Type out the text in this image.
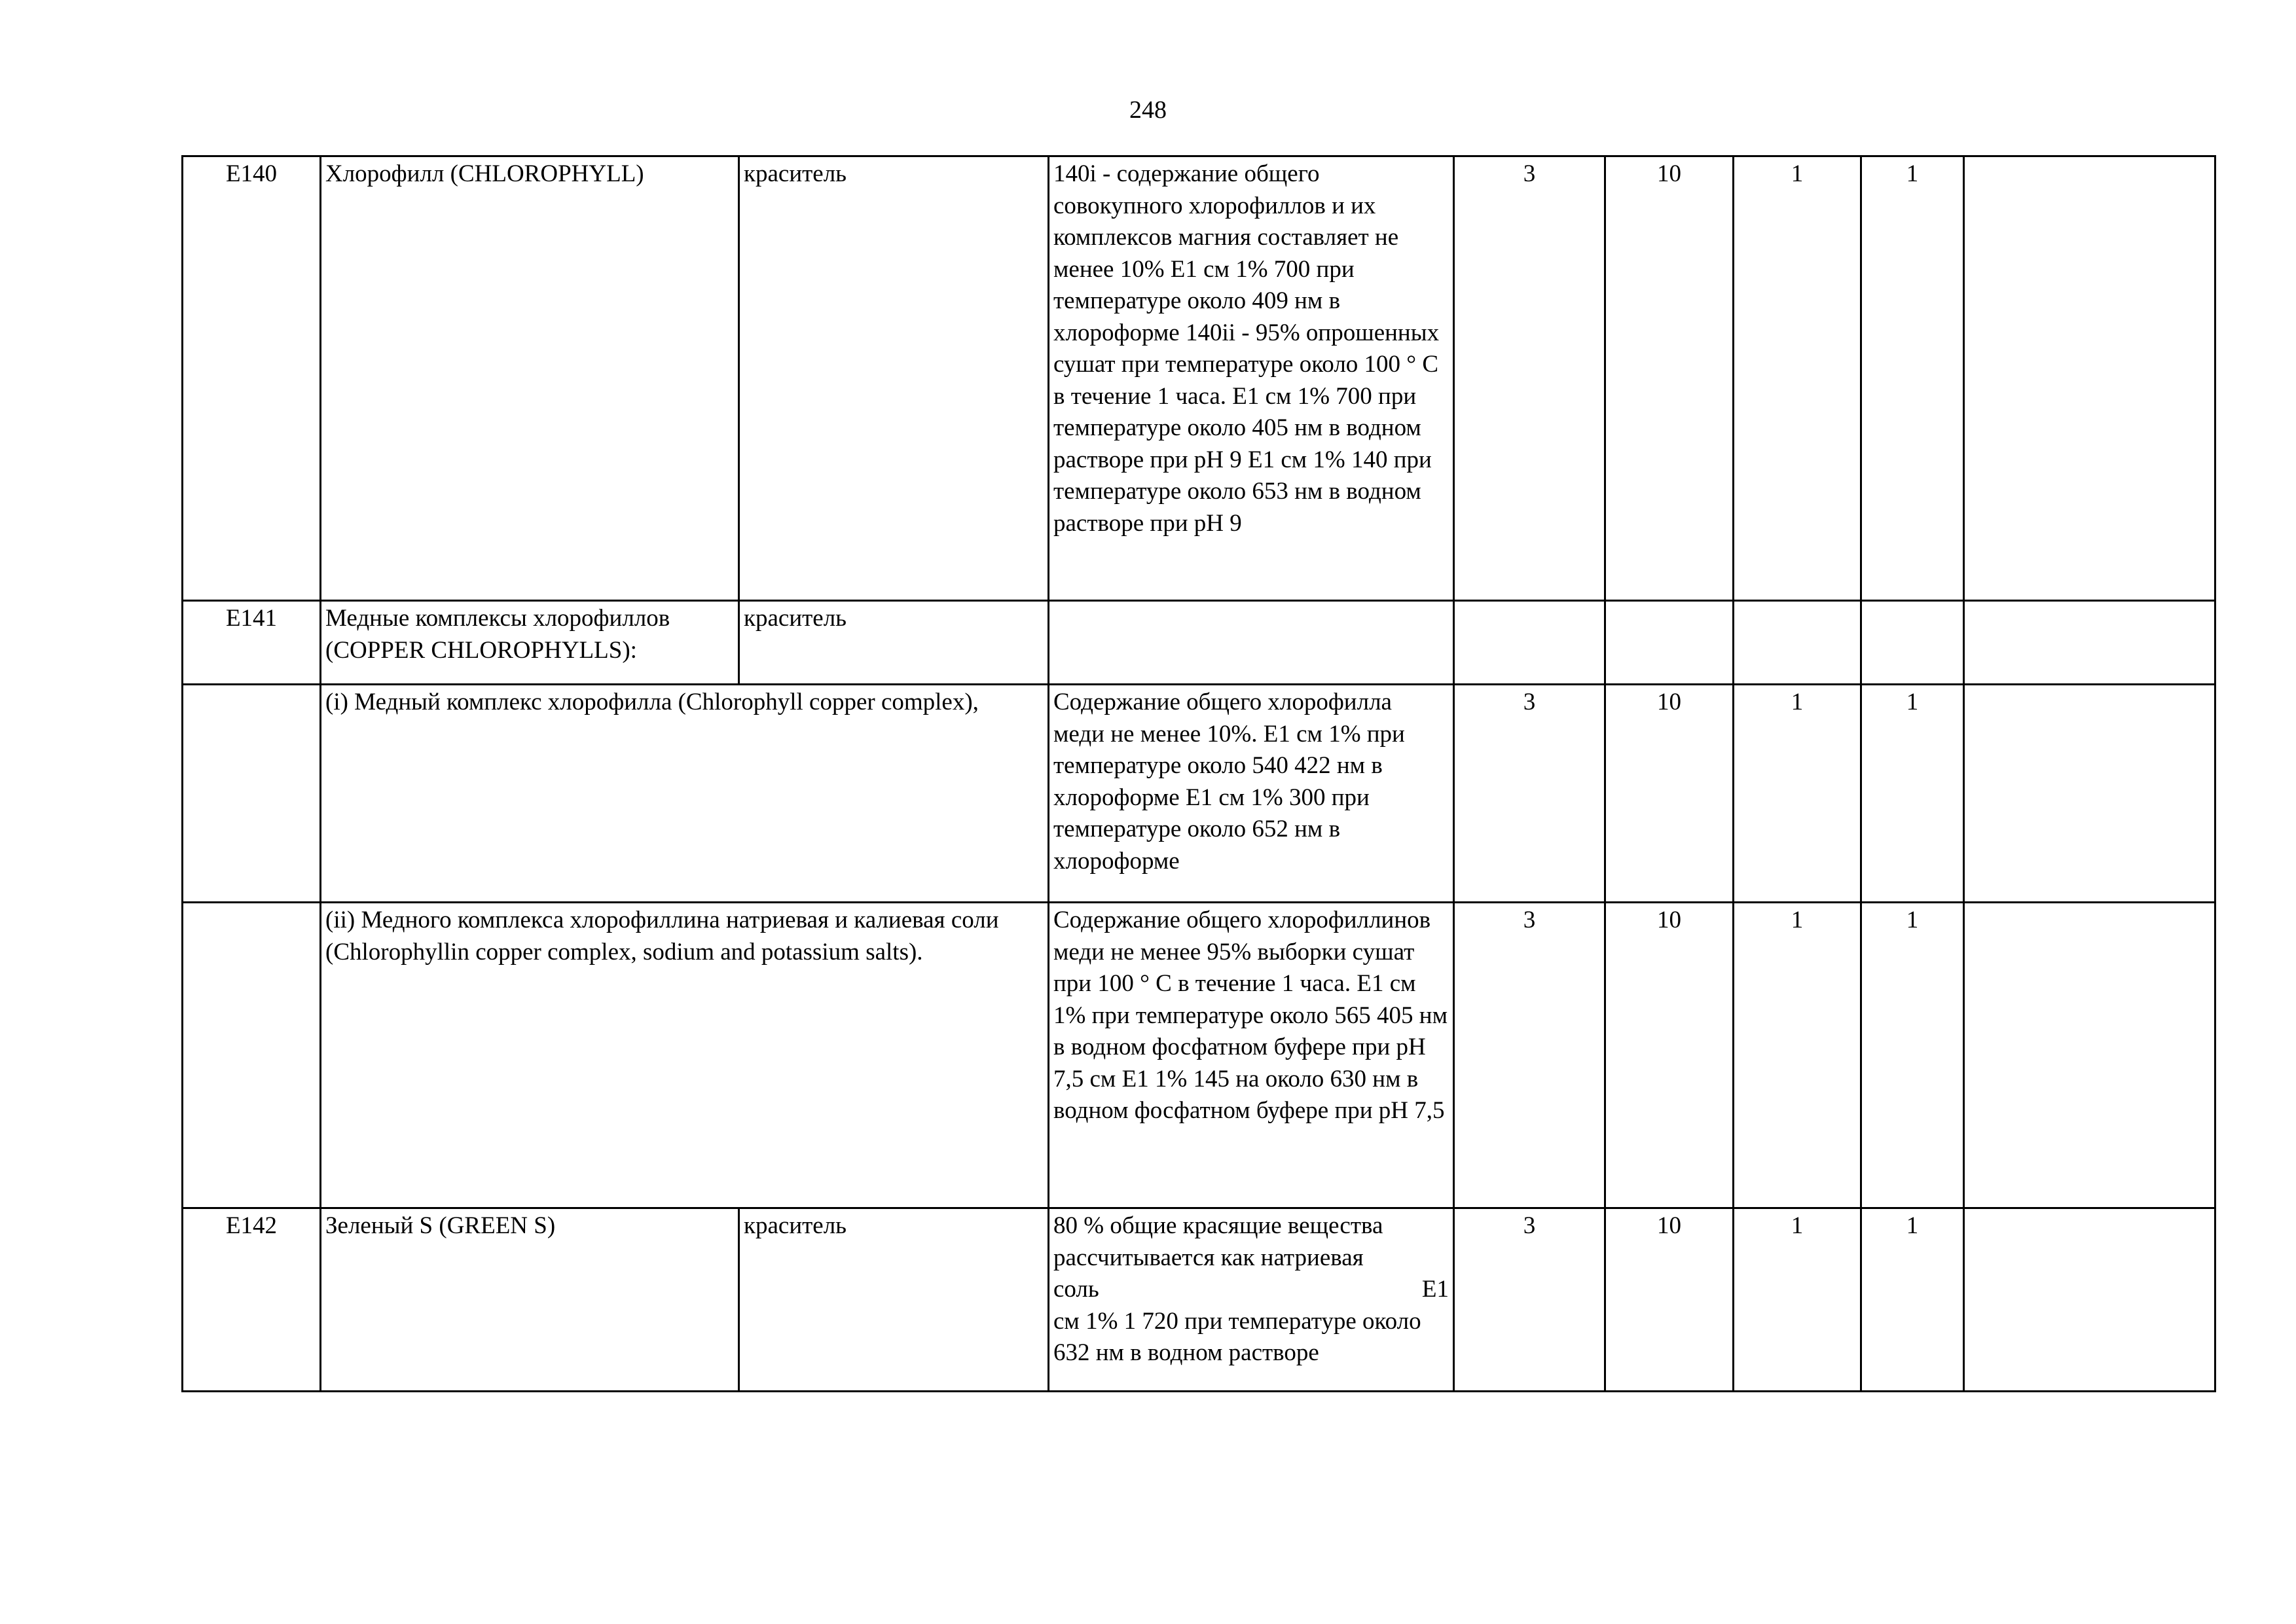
248
E140	Хлорофилл (CHLOROPHYLL)	краситель	140i - содержание общего совокупного хлорофиллов и их комплексов магния составляет не менее 10% E1 см 1% 700 при температуре около 409 нм в хлороформе 140ii - 95% опрошенных сушат при температуре около 100 ° C в течение 1 часа. E1 см 1% 700 при температуре около 405 нм в водном растворе при pH 9 E1 см 1% 140 при температуре около 653 нм в водном растворе при pH 9	3	10	1	1	
E141	Медные комплексы хлорофиллов (COPPER CHLOROPHYLLS):	краситель						
	(i) Медный комплекс хлорофилла (Chlorophyll copper complex),		Содержание общего хлорофилла меди не менее 10%. E1 см 1% при температуре около 540 422 нм в хлороформе E1 см 1% 300 при температуре около 652 нм в хлороформе	3	10	1	1	
	(ii) Медного комплекса хлорофиллина натриевая и калиевая соли (Chlorophyllin copper complex, sodium and potassium salts).		Содержание общего хлорофиллинов меди не менее 95% выборки сушат при 100 ° C в течение 1 часа. E1 см 1% при температуре около 565 405 нм в водном фосфатном буфере при pH 7,5 см E1 1% 145 на около 630 нм в водном фосфатном буфере при pH 7,5	3	10	1	1	
E142	Зеленый S (GREEN S)	краситель	80 % общие красящие вещества рассчитывается как натриевая
соль E1
см 1% 1 720 при температуре около 632 нм в водном растворе	3	10	1	1	
